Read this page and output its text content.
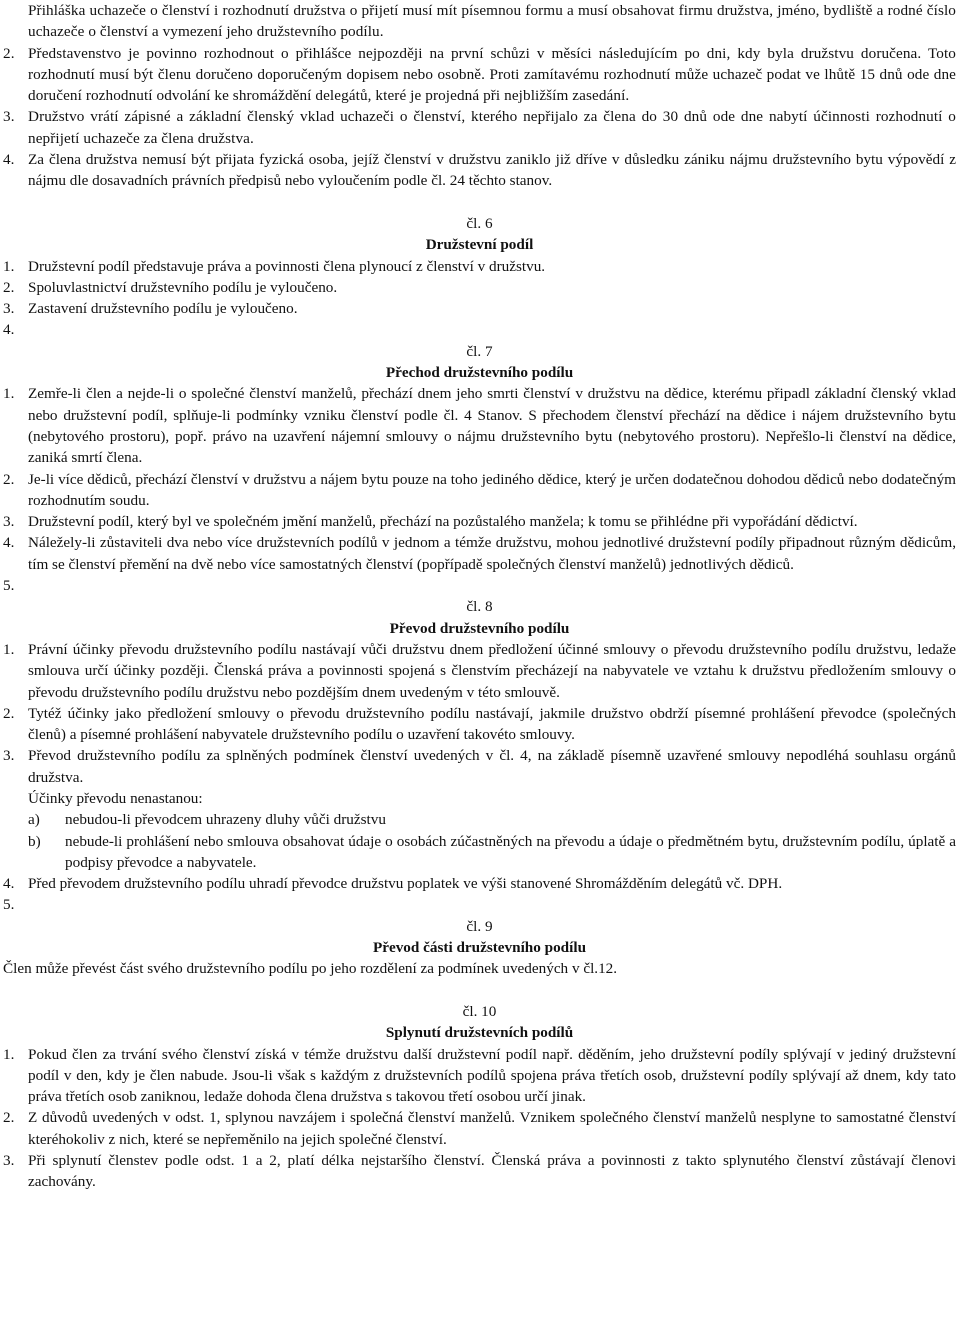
Přihláška uchazeče o členství i rozhodnutí družstva o přijetí musí mít písemnou formu a musí obsahovat firmu družstva, jméno, bydliště a rodné číslo uchazeče o členství a vymezení jeho družstevního podílu.

2. Představenstvo je povinno rozhodnout o přihlášce nejpozději na první schůzi v měsíci následujícím po dni, kdy byla družstvu doručena. Toto rozhodnutí musí být členu doručeno doporučeným dopisem nebo osobně. Proti zamítavému rozhodnutí může uchazeč podat ve lhůtě 15 dnů ode dne doručení rozhodnutí odvolání ke shromáždění delegátů, které je projedná při nejbližším zasedání.
3. Družstvo vrátí zápisné a základní členský vklad uchazeči o členství, kterého nepřijalo za člena do 30 dnů ode dne nabytí účinnosti rozhodnutí o nepřijetí uchazeče za člena družstva.
4. Za člena družstva nemusí být přijata fyzická osoba, jejíž členství v družstvu zaniklo již dříve v důsledku zániku nájmu družstevního bytu výpovědí z nájmu dle dosavadních právních předpisů nebo vyloučením podle čl. 24 těchto stanov.

čl. 6

Družstevní podíl

1. Družstevní podíl představuje práva a povinnosti člena plynoucí z členství v družstvu.
2. Spoluvlastnictví družstevního podílu je vyloučeno.
3. Zastavení družstevního podílu je vyloučeno.
4.

čl. 7

Přechod družstevního podílu

1. Zemře-li člen a nejde-li o společné členství manželů, přechází dnem jeho smrti členství v družstvu na dědice, kterému připadl základní členský vklad nebo družstevní podíl, splňuje-li podmínky vzniku členství podle čl. 4 Stanov. S přechodem členství přechází na dědice i nájem družstevního bytu (nebytového prostoru), popř. právo na uzavření nájemní smlouvy o nájmu družstevního bytu (nebytového prostoru). Nepřešlo-li členství na dědice, zaniká smrtí člena.
2. Je-li více dědiců, přechází členství v družstvu a nájem bytu pouze na toho jediného dědice, který je určen dodatečnou dohodou dědiců nebo dodatečným rozhodnutím soudu.
3. Družstevní podíl, který byl ve společném jmění manželů, přechází na pozůstalého manžela; k tomu se přihlédne při vypořádání dědictví.
4. Náležely-li zůstaviteli dva nebo více družstevních podílů v jednom a témže družstvu, mohou jednotlivé družstevní podíly připadnout různým dědicům, tím se členství přemění na dvě nebo více samostatných členství (popřípadě společných členství manželů) jednotlivých dědiců.
5.

čl. 8

Převod družstevního podílu

1. Právní účinky převodu družstevního podílu nastávají vůči družstvu dnem předložení účinné smlouvy o převodu družstevního podílu družstvu, ledaže smlouva určí účinky později. Členská práva a povinnosti spojená s členstvím přecházejí na nabyvatele ve vztahu k družstvu předložením smlouvy o převodu družstevního podílu družstvu nebo pozdějším dnem uvedeným v této smlouvě.
2. Tytéž účinky jako předložení smlouvy o převodu družstevního podílu nastávají, jakmile družstvo obdrží písemné prohlášení převodce (společných členů) a písemné prohlášení nabyvatele družstevního podílu o uzavření takovéto smlouvy.
3. Převod družstevního podílu za splněných podmínek členství uvedených v čl. 4, na základě písemně uzavřené smlouvy nepodléhá souhlasu orgánů družstva.

Účinky převodu nenastanou:

a)	nebudou-li převodcem uhrazeny dluhy vůči družstvu
b)	nebude-li prohlášení nebo smlouva obsahovat údaje o osobách zúčastněných na převodu a údaje o předmětném bytu, družstevním podílu, úplatě a podpisy převodce a nabyvatele.
4. Před převodem družstevního podílu uhradí převodce družstvu poplatek ve výši stanovené Shromážděním delegátů vč. DPH.
5.

čl. 9

Převod části družstevního podílu

Člen může převést část svého družstevního podílu po jeho rozdělení za podmínek uvedených v čl.12.

čl. 10

Splynutí družstevních podílů

1. Pokud člen za trvání svého členství získá v témže družstvu další družstevní podíl např. děděním, jeho družstevní podíly splývají v jediný družstevní podíl v den, kdy je člen nabude. Jsou-li však s každým z družstevních podílů spojena práva třetích osob, družstevní podíly splývají až dnem, kdy tato práva třetích osob zaniknou, ledaže dohoda člena družstva s takovou třetí osobou určí jinak.
2. Z důvodů uvedených v odst. 1, splynou navzájem i společná členství manželů. Vznikem společného členství manželů nesplyne to samostatné členství kteréhokoliv z nich, které se nepřeměnilo na jejich společné členství.
3. Při splynutí členstev podle odst. 1 a 2, platí délka nejstaršího členství. Členská práva a povinnosti z takto splynutého členství zůstávají členovi zachovány.
